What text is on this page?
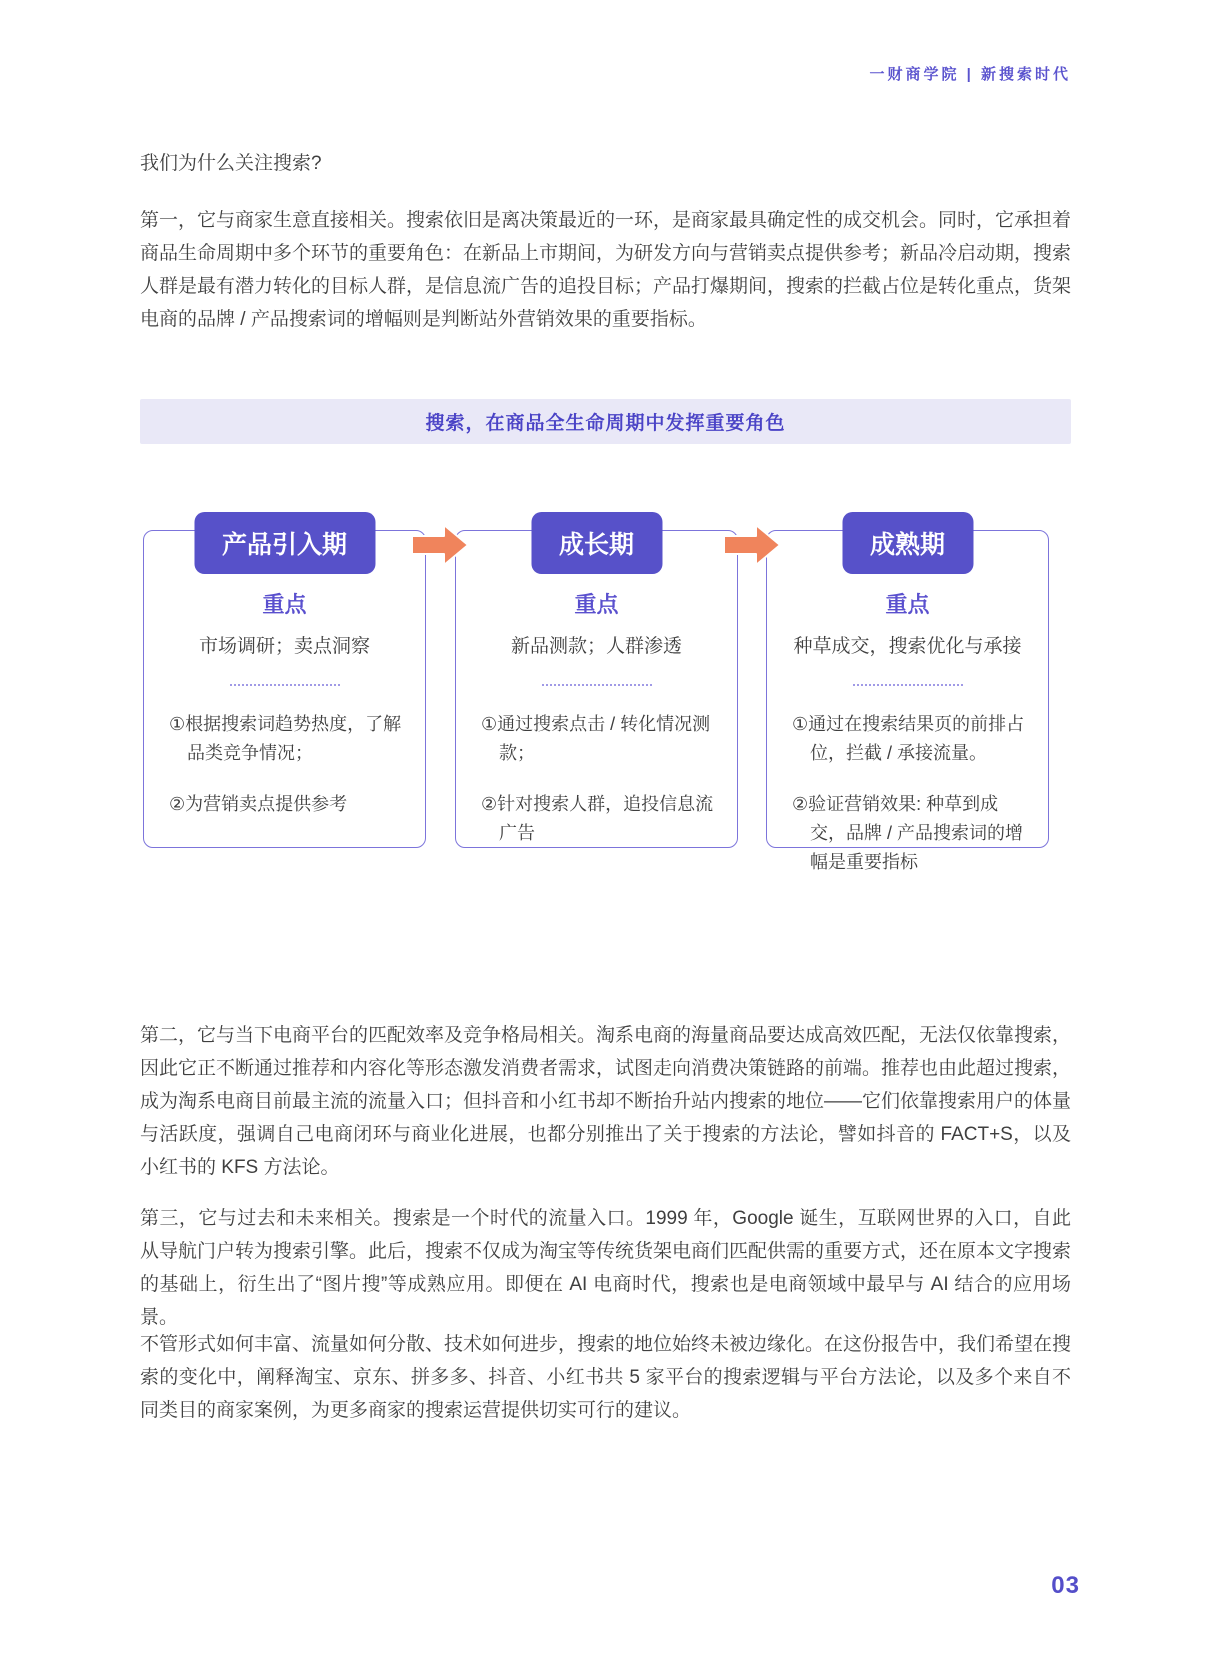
一财商学院 | 新搜索时代
我们为什么关注搜索?
第一，它与商家生意直接相关。搜索依旧是离决策最近的一环，是商家最具确定性的成交机会。同时，它承担着商品生命周期中多个环节的重要角色：在新品上市期间，为研发方向与营销卖点提供参考；新品冷启动期，搜索人群是最有潜力转化的目标人群，是信息流广告的追投目标；产品打爆期间，搜索的拦截占位是转化重点，货架电商的品牌 / 产品搜索词的增幅则是判断站外营销效果的重要指标。
搜索，在商品全生命周期中发挥重要角色
产品引入期
重点
市场调研；卖点洞察
①根据搜索词趋势热度，了解品类竞争情况；
②为营销卖点提供参考
成长期
重点
新品测款；人群渗透
①通过搜索点击 / 转化情况测款；
②针对搜索人群，追投信息流广告
成熟期
重点
种草成交，搜索优化与承接
①通过在搜索结果页的前排占位，拦截 / 承接流量。
②验证营销效果: 种草到成交，品牌 / 产品搜索词的增幅是重要指标
第二，它与当下电商平台的匹配效率及竞争格局相关。淘系电商的海量商品要达成高效匹配，无法仅依靠搜索，因此它正不断通过推荐和内容化等形态激发消费者需求，试图走向消费决策链路的前端。推荐也由此超过搜索，成为淘系电商目前最主流的流量入口；但抖音和小红书却不断抬升站内搜索的地位——它们依靠搜索用户的体量与活跃度，强调自己电商闭环与商业化进展，也都分别推出了关于搜索的方法论，譬如抖音的 FACT+S，以及小红书的 KFS 方法论。
第三，它与过去和未来相关。搜索是一个时代的流量入口。1999 年，Google 诞生，互联网世界的入口，自此从导航门户转为搜索引擎。此后，搜索不仅成为淘宝等传统货架电商们匹配供需的重要方式，还在原本文字搜索的基础上，衍生出了“图片搜”等成熟应用。即便在 AI 电商时代，搜索也是电商领域中最早与 AI 结合的应用场景。
不管形式如何丰富、流量如何分散、技术如何进步，搜索的地位始终未被边缘化。在这份报告中，我们希望在搜索的变化中，阐释淘宝、京东、拼多多、抖音、小红书共 5 家平台的搜索逻辑与平台方法论，以及多个来自不同类目的商家案例，为更多商家的搜索运营提供切实可行的建议。
03
